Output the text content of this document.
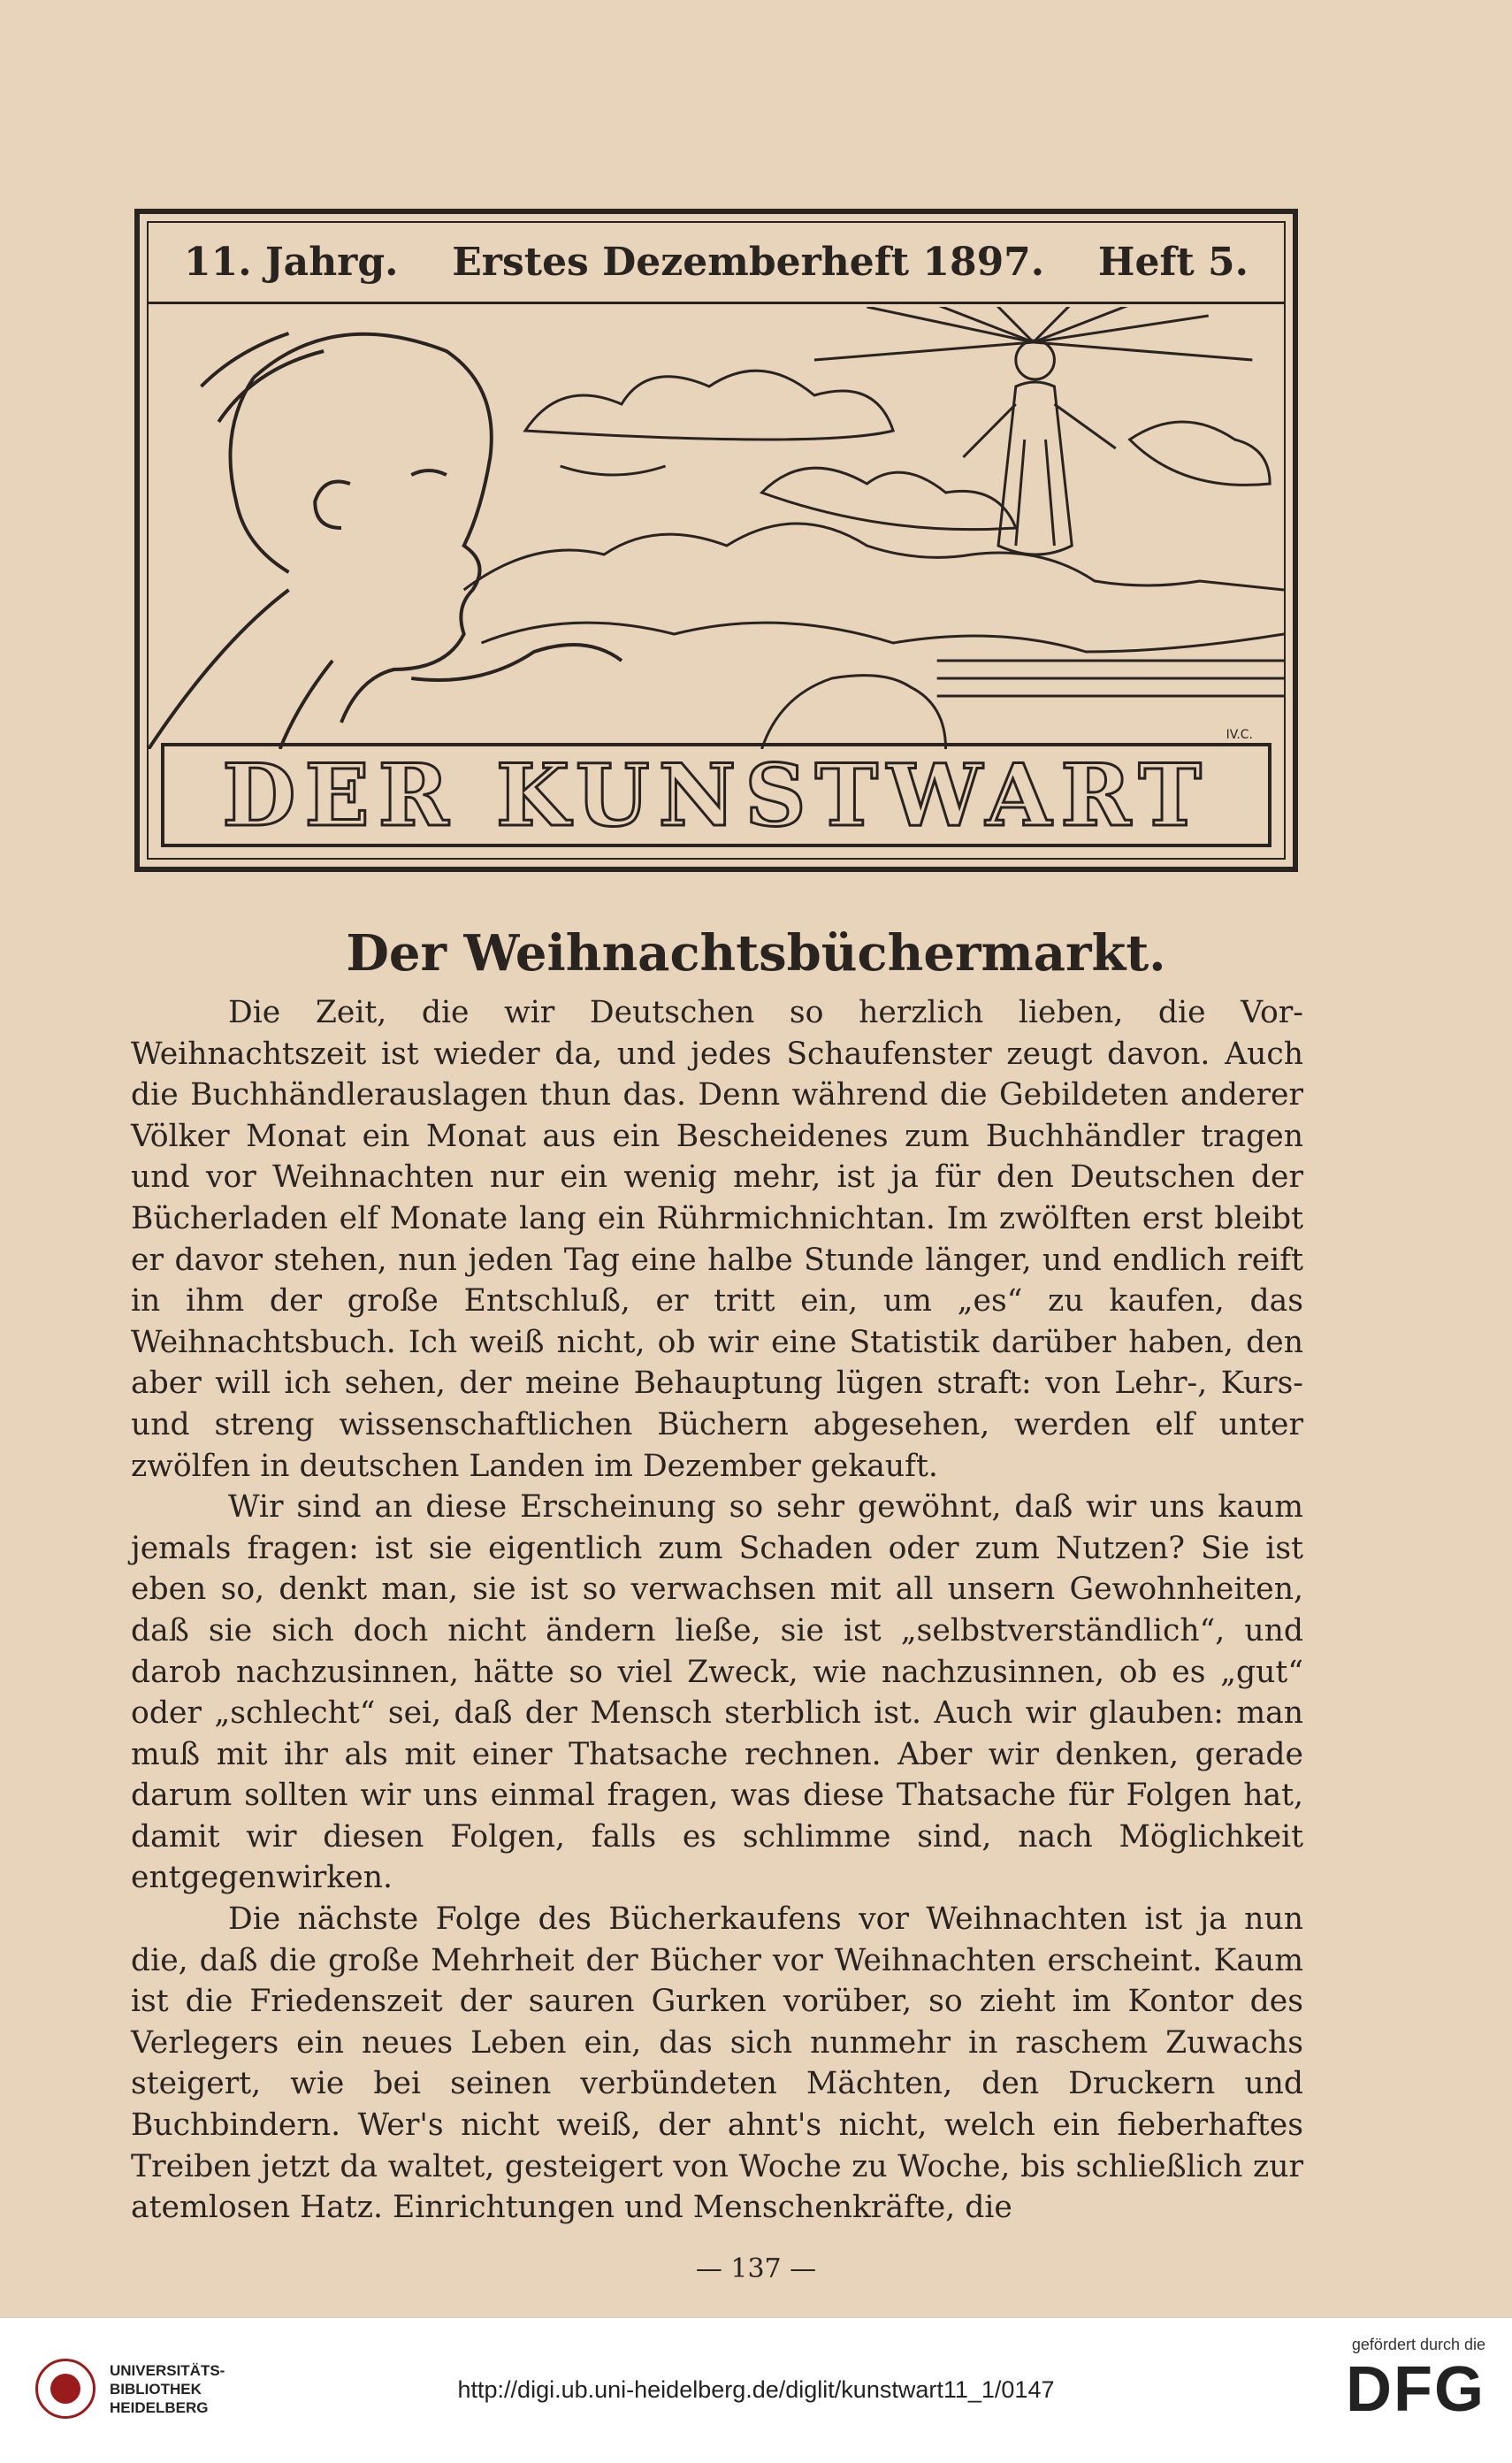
11. Jahrg. Erstes Dezemberheft 1897. Heft 5.
IV.C.
DER KUNSTWART
Der Weihnachtsbüchermarkt.

Die Zeit, die wir Deutschen so herzlich lieben, die Vor-Weihnachtszeit ist wieder da, und jedes Schaufenster zeugt davon. Auch die Buchhändlerauslagen thun das. Denn während die Gebildeten anderer Völker Monat ein Monat aus ein Bescheidenes zum Buchhändler tragen und vor Weihnachten nur ein wenig mehr, ist ja für den Deutschen der Bücherladen elf Monate lang ein Rührmichnichtan. Im zwölften erst bleibt er davor stehen, nun jeden Tag eine halbe Stunde länger, und endlich reift in ihm der große Entschluß, er tritt ein, um „es“ zu kaufen, das Weihnachtsbuch. Ich weiß nicht, ob wir eine Statistik darüber haben, den aber will ich sehen, der meine Behauptung lügen straft: von Lehr-, Kurs- und streng wissenschaftlichen Büchern abgesehen, werden elf unter zwölfen in deutschen Landen im Dezember gekauft.

Wir sind an diese Erscheinung so sehr gewöhnt, daß wir uns kaum jemals fragen: ist sie eigentlich zum Schaden oder zum Nutzen? Sie ist eben so, denkt man, sie ist so verwachsen mit all unsern Gewohnheiten, daß sie sich doch nicht ändern ließe, sie ist „selbstverständlich“, und darob nachzusinnen, hätte so viel Zweck, wie nachzusinnen, ob es „gut“ oder „schlecht“ sei, daß der Mensch sterblich ist. Auch wir glauben: man muß mit ihr als mit einer Thatsache rechnen. Aber wir denken, gerade darum sollten wir uns einmal fragen, was diese Thatsache für Folgen hat, damit wir diesen Folgen, falls es schlimme sind, nach Möglichkeit entgegenwirken.

Die nächste Folge des Bücherkaufens vor Weihnachten ist ja nun die, daß die große Mehrheit der Bücher vor Weihnachten erscheint. Kaum ist die Friedenszeit der sauren Gurken vorüber, so zieht im Kontor des Verlegers ein neues Leben ein, das sich nunmehr in raschem Zuwachs steigert, wie bei seinen verbündeten Mächten, den Druckern und Buchbindern. Wer's nicht weiß, der ahnt's nicht, welch ein fieberhaftes Treiben jetzt da waltet, gesteigert von Woche zu Woche, bis schließlich zur atemlosen Hatz. Einrichtungen und Menschenkräfte, die

— 137 —
UNIVERSITÄTS-
BIBLIOTHEK
HEIDELBERG
http://digi.ub.uni-heidelberg.de/diglit/kunstwart11_1/0147
gefördert durch die
DFG
